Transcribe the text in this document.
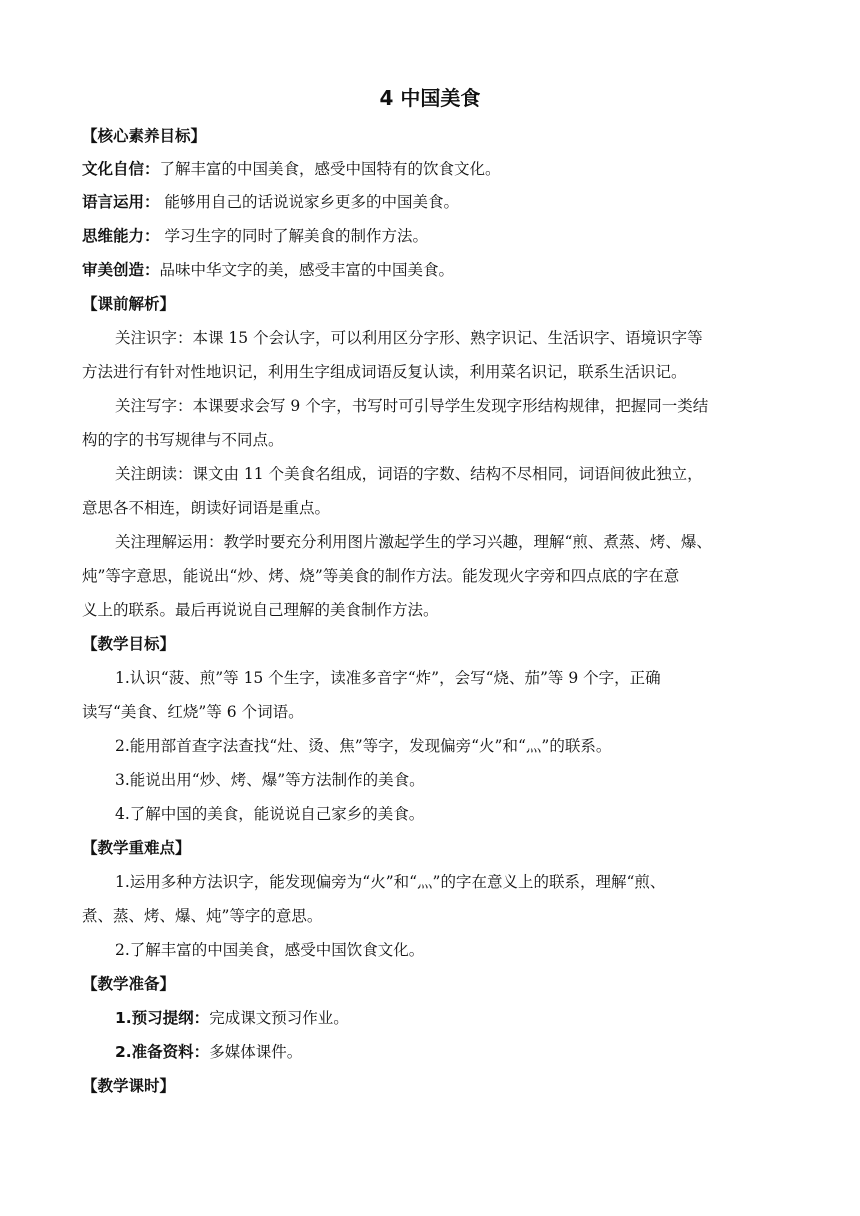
4 中国美食
【核心素养目标】
文化自信：了解丰富的中国美食，感受中国特有的饮食文化。
语言运用： 能够用自己的话说说家乡更多的中国美食。
思维能力： 学习生字的同时了解美食的制作方法。
审美创造：品味中华文字的美，感受丰富的中国美食。
【课前解析】
关注识字：本课 15 个会认字，可以利用区分字形、熟字识记、生活识字、语境识字等
方法进行有针对性地识记，利用生字组成词语反复认读，利用菜名识记，联系生活识记。
关注写字：本课要求会写 9 个字，书写时可引导学生发现字形结构规律，把握同一类结
构的字的书写规律与不同点。
关注朗读：课文由 11 个美食名组成，词语的字数、结构不尽相同，词语间彼此独立，
意思各不相连，朗读好词语是重点。
关注理解运用：教学时要充分利用图片激起学生的学习兴趣，理解“煎、煮蒸、烤、爆、
炖”等字意思，能说出“炒、烤、烧”等美食的制作方法。能发现火字旁和四点底的字在意
义上的联系。最后再说说自己理解的美食制作方法。
【教学目标】
1.认识“菠、煎”等 15 个生字，读准多音字“炸”，会写“烧、茄”等 9 个字，正确
读写“美食、红烧”等 6 个词语。
2.能用部首查字法查找“灶、烫、焦”等字，发现偏旁“火”和“灬”的联系。
3.能说出用“炒、烤、爆”等方法制作的美食。
4.了解中国的美食，能说说自己家乡的美食。
【教学重难点】
1.运用多种方法识字，能发现偏旁为“火”和“灬”的字在意义上的联系，理解“煎、
煮、蒸、烤、爆、炖”等字的意思。
2.了解丰富的中国美食，感受中国饮食文化。
【教学准备】
1.预习提纲：完成课文预习作业。
2.准备资料：多媒体课件。
【教学课时】
